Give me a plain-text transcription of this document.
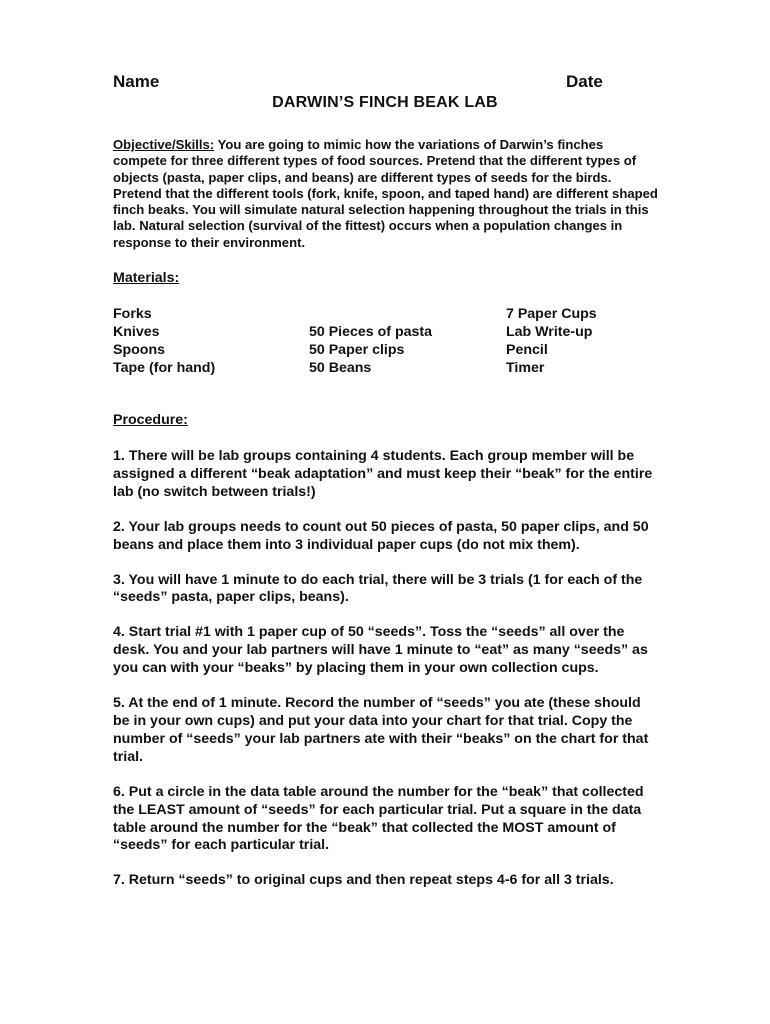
Name	Date
DARWIN’S FINCH BEAK LAB
Objective/Skills: You are going to mimic how the variations of Darwin’s finches compete for three different types of food sources. Pretend that the different types of objects (pasta, paper clips, and beans) are different types of seeds for the birds. Pretend that the different tools (fork, knife, spoon, and taped hand) are different shaped finch beaks. You will simulate natural selection happening throughout the trials in this lab. Natural selection (survival of the fittest) occurs when a population changes in response to their environment.
Materials:
Forks
Knives
Spoons
Tape (for hand)
50 Pieces of pasta
50 Paper clips
50 Beans
7 Paper Cups
Lab Write-up
Pencil
Timer
Procedure:
1. There will be lab groups containing 4 students. Each group member will be assigned a different “beak adaptation” and must keep their “beak” for the entire lab (no switch between trials!)
2. Your lab groups needs to count out 50 pieces of pasta, 50 paper clips, and 50 beans and place them into 3 individual paper cups (do not mix them).
3. You will have 1 minute to do each trial, there will be 3 trials (1 for each of the “seeds” pasta, paper clips, beans).
4. Start trial #1 with 1 paper cup of 50 “seeds”. Toss the “seeds” all over the desk. You and your lab partners will have 1 minute to “eat” as many “seeds” as you can with your “beaks” by placing them in your own collection cups.
5. At the end of 1 minute. Record the number of “seeds” you ate (these should be in your own cups) and put your data into your chart for that trial. Copy the number of “seeds” your lab partners ate with their “beaks” on the chart for that trial.
6. Put a circle in the data table around the number for the “beak” that collected the LEAST amount of “seeds” for each particular trial. Put a square in the data table around the number for the “beak” that collected the MOST amount of “seeds” for each particular trial.
7. Return “seeds” to original cups and then repeat steps 4-6 for all 3 trials.
